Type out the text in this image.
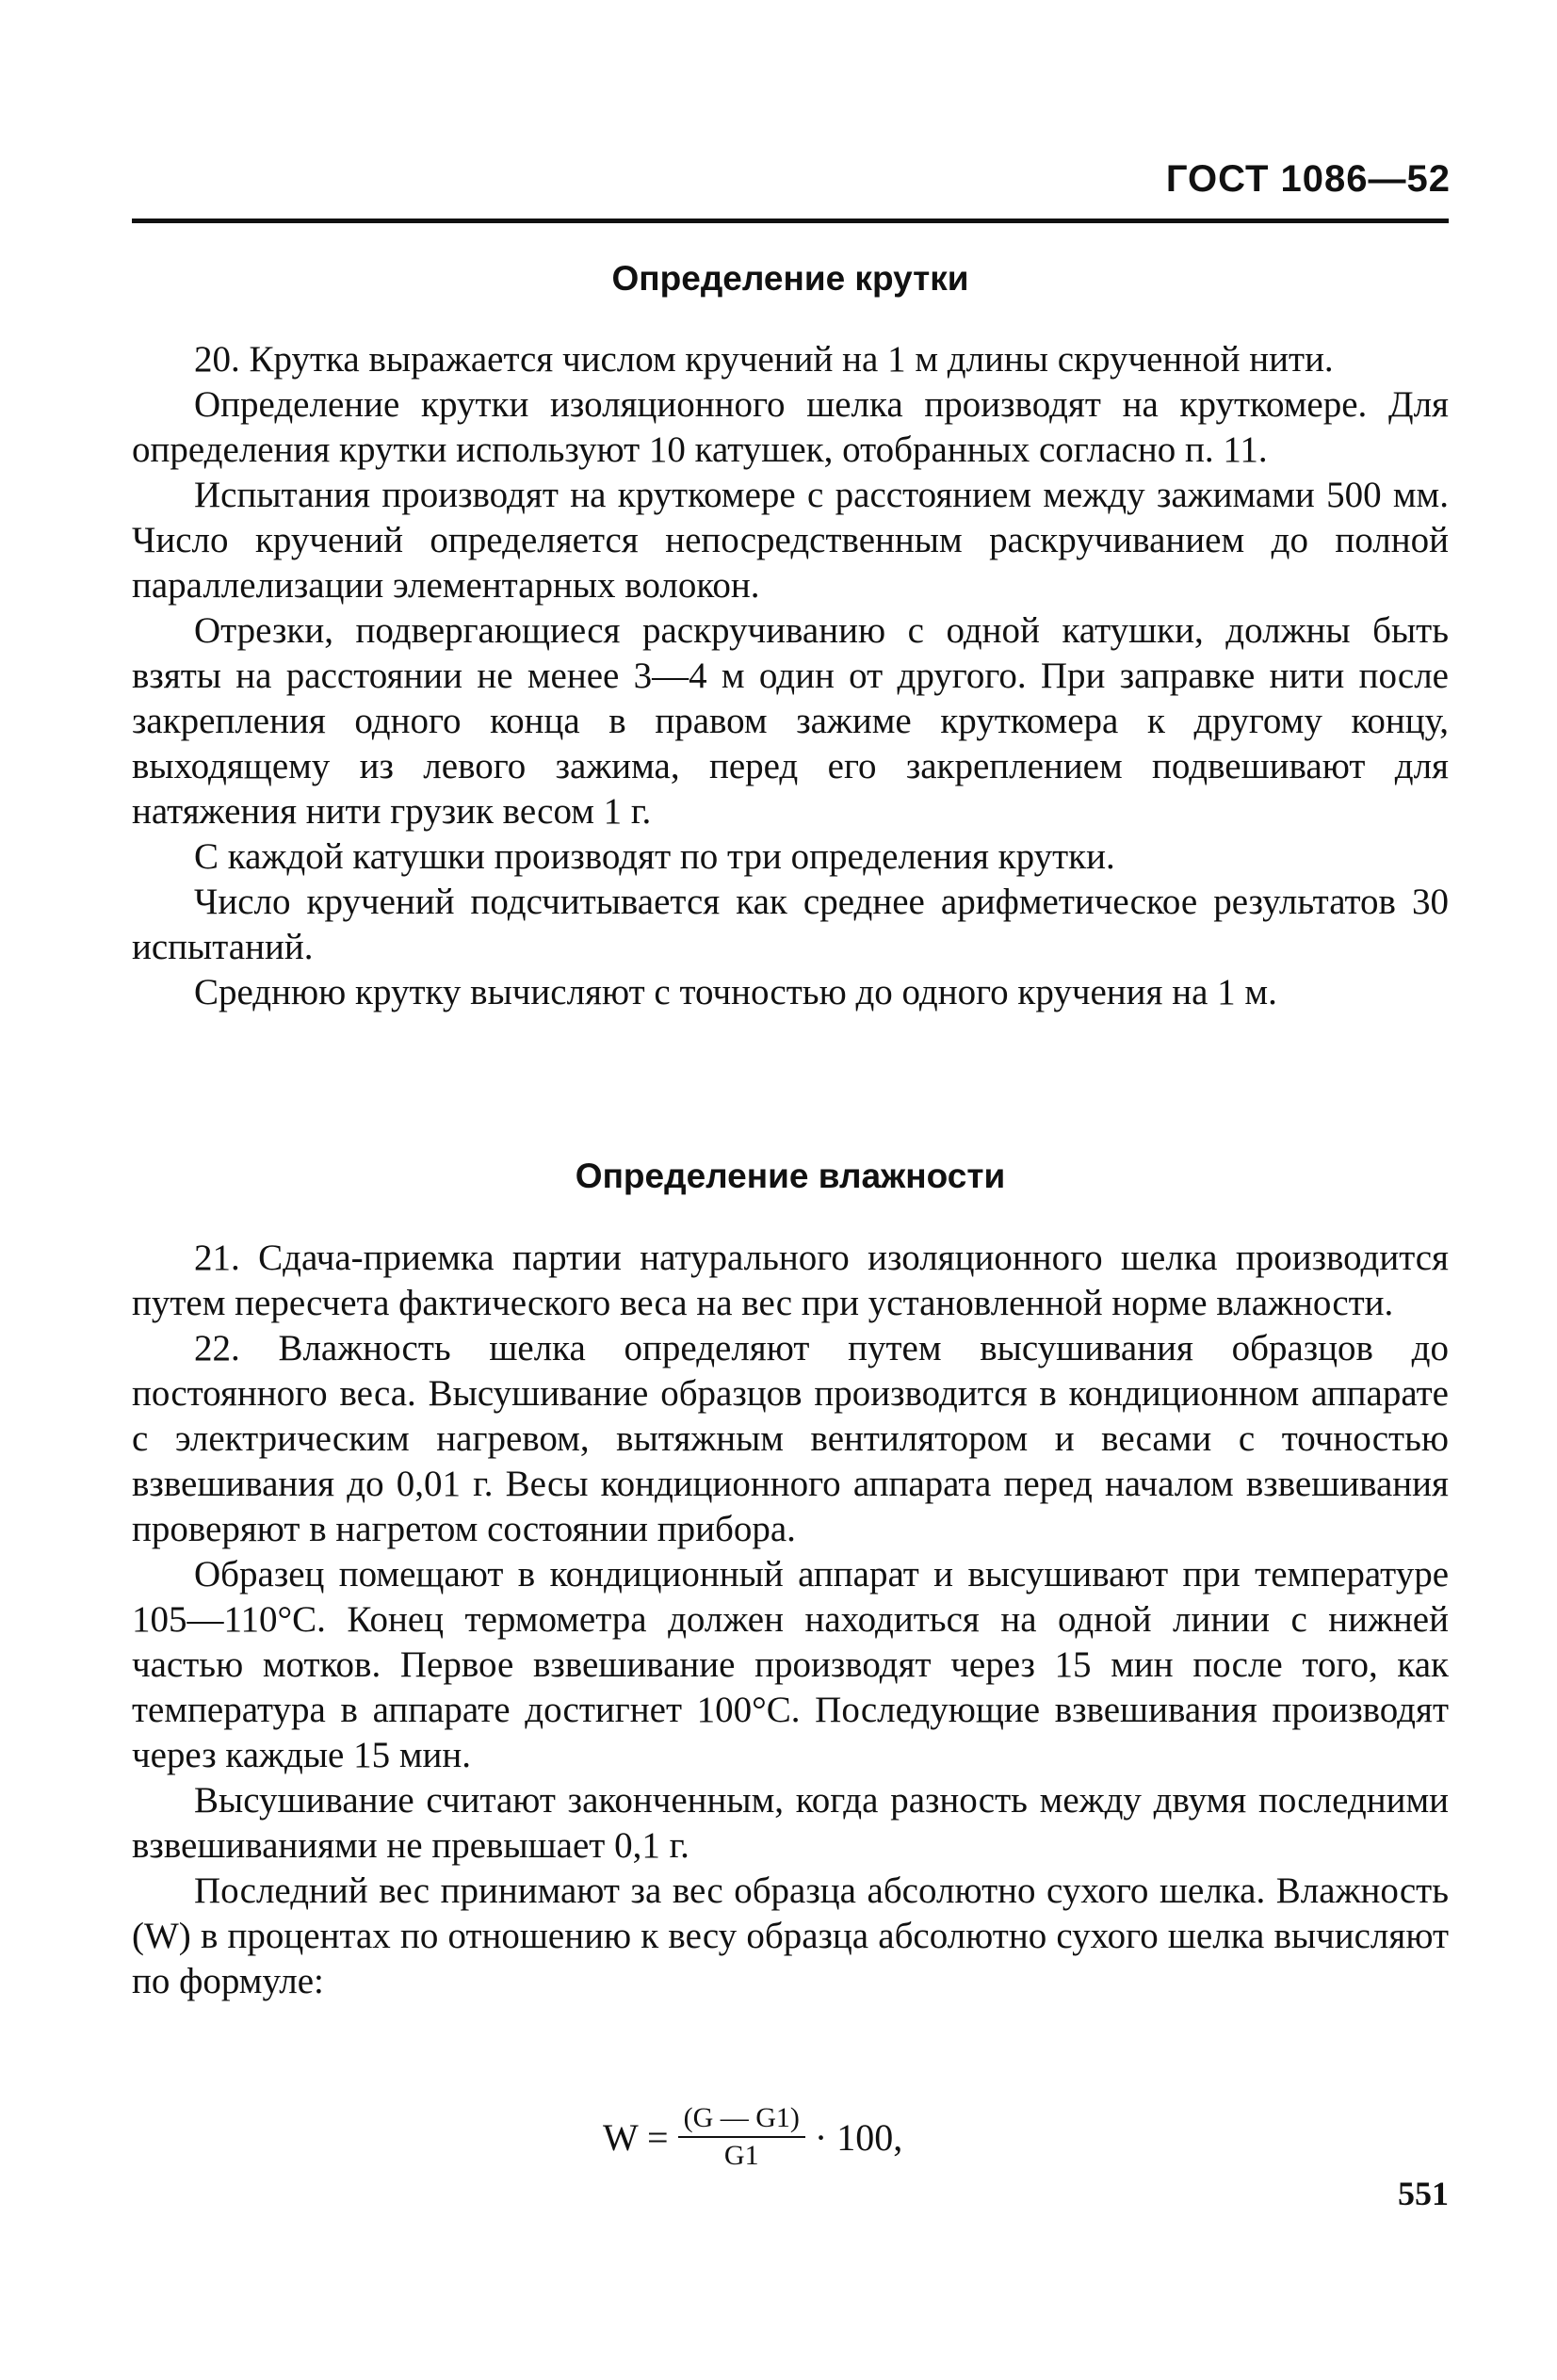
ГОСТ 1086—52
Определение крутки

20. Крутка выражается числом кручений на 1 м длины скрученной нити.

Определение крутки изоляционного шелка производят на круткомере. Для определения крутки используют 10 катушек, отобранных согласно п. 11.

Испытания производят на круткомере с расстоянием между зажимами 500 мм. Число кручений определяется непосредственным раскручиванием до полной параллелизации элементарных волокон.

Отрезки, подвергающиеся раскручиванию с одной катушки, должны быть взяты на расстоянии не менее 3—4 м один от другого. При заправке нити после закрепления одного конца в правом зажиме круткомера к другому концу, выходящему из левого зажима, перед его закреплением подвешивают для натяжения нити грузик весом 1 г.

С каждой катушки производят по три определения крутки.

Число кручений подсчитывается как среднее арифметическое результатов 30 испытаний.

Среднюю крутку вычисляют с точностью до одного кручения на 1 м.

Определение влажности

21. Сдача-приемка партии натурального изоляционного шелка производится путем пересчета фактического веса на вес при установленной норме влажности.

22. Влажность шелка определяют путем высушивания образцов до постоянного веса. Высушивание образцов производится в кондиционном аппарате с электрическим нагревом, вытяжным вентилятором и весами с точностью взвешивания до 0,01 г. Весы кондиционного аппарата перед началом взвешивания проверяют в нагретом состоянии прибора.

Образец помещают в кондиционный аппарат и высушивают при температуре 105—110°С. Конец термометра должен находиться на одной линии с нижней частью мотков. Первое взвешивание производят через 15 мин после того, как температура в аппарате достигнет 100°С. Последующие взвешивания производят через каждые 15 мин.

Высушивание считают законченным, когда разность между двумя последними взвешиваниями не превышает 0,1 г.

Последний вес принимают за вес образца абсолютно сухого шелка. Влажность (W) в процентах по отношению к весу образца абсолютно сухого шелка вычисляют по формуле:

$W = \frac{(G — G1)}{G1} \cdot 100$,
551
